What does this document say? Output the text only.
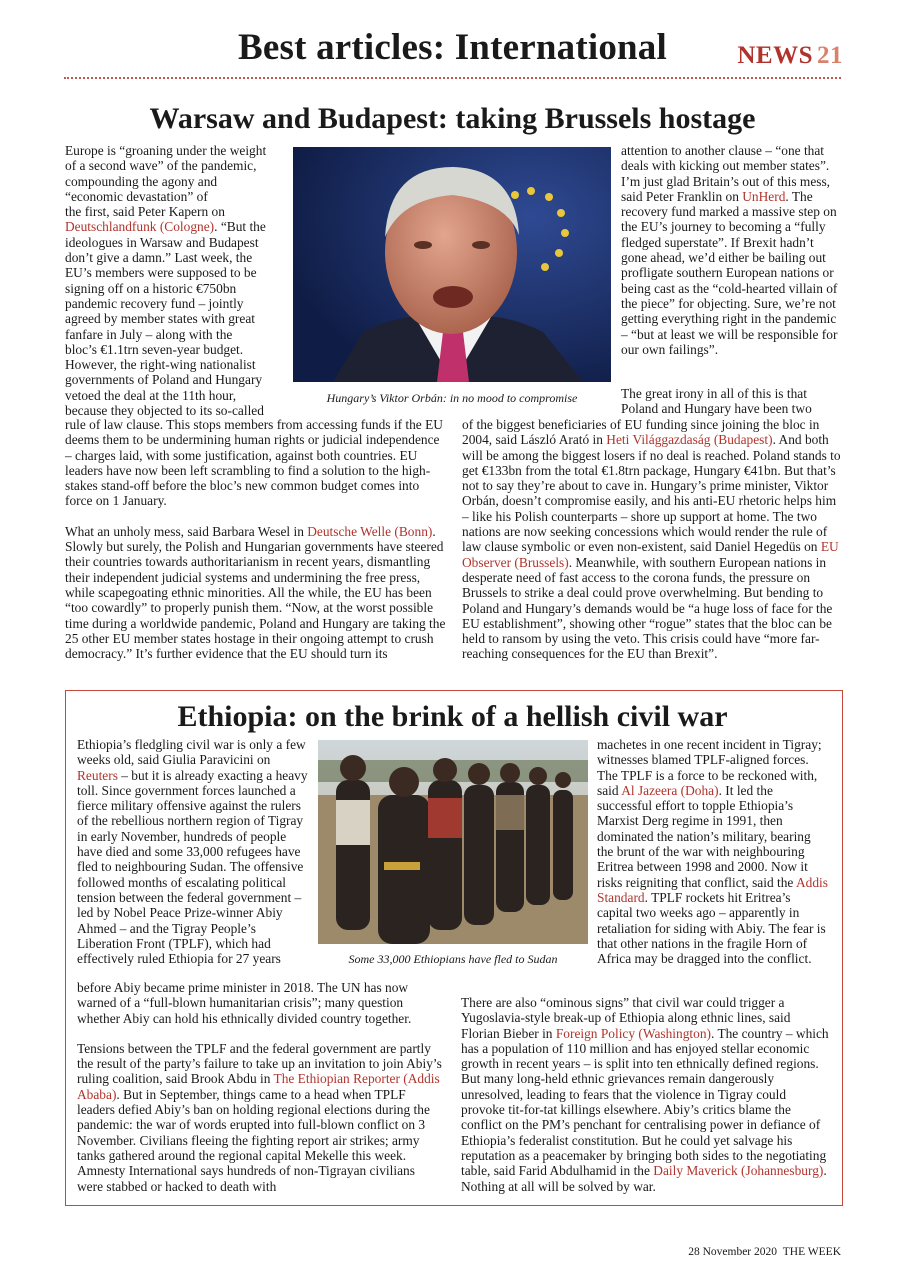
Best articles: International	NEWS 21
Warsaw and Budapest: taking Brussels hostage

Europe is “groaning under the weight
of a second wave” of the pandemic,
compounding the agony and
“economic devastation” of
the first, said Peter Kapern on
Deutschlandfunk (Cologne). “But the
ideologues in Warsaw and Budapest
don’t give a damn.” Last week, the
EU’s members were supposed to be
signing off on a historic €750bn
pandemic recovery fund – jointly
agreed by member states with great
fanfare in July – along with the
bloc’s €1.1trn seven-year budget.
However, the right-wing nationalist
governments of Poland and Hungary
vetoed the deal at the 11th hour,
because they objected to its so-called

Hungary’s Viktor Orbán: in no mood to compromise

attention to another clause – “one that deals with kicking out member states”. I’m just glad Britain’s out of this mess, said Peter Franklin on UnHerd. The recovery fund marked a massive step on the EU’s journey to becoming a “fully fledged superstate”. If Brexit hadn’t gone ahead, we’d either be bailing out profligate southern European nations or being cast as the “cold-hearted villain of the piece” for objecting. Sure, we’re not getting everything right in the pandemic – “but at least we will be responsible for our own failings”.

The great irony in all of this is that Poland and Hungary have been two

rule of law clause. This stops members from accessing funds if the EU deems them to be undermining human rights or judicial independence – charges laid, with some justification, against both countries. EU leaders have now been left scrambling to find a solution to the high-stakes stand-off before the bloc’s new common budget comes into force on 1 January.

What an unholy mess, said Barbara Wesel in Deutsche Welle (Bonn). Slowly but surely, the Polish and Hungarian governments have steered their countries towards authoritarianism in recent years, dismantling their independent judicial systems and undermining the free press, while scapegoating ethnic minorities. All the while, the EU has been “too cowardly” to properly punish them. “Now, at the worst possible time during a worldwide pandemic, Poland and Hungary are taking the 25 other EU member states hostage in their ongoing attempt to crush democracy.” It’s further evidence that the EU should turn its

of the biggest beneficiaries of EU funding since joining the bloc in 2004, said László Arató in Heti Világgazdaság (Budapest). And both will be among the biggest losers if no deal is reached. Poland stands to get €133bn from the total €1.8trn package, Hungary €41bn. But that’s not to say they’re about to cave in. Hungary’s prime minister, Viktor Orbán, doesn’t compromise easily, and his anti-EU rhetoric helps him – like his Polish counterparts – shore up support at home. The two nations are now seeking concessions which would render the rule of law clause symbolic or even non-existent, said Daniel Hegedüs on EU Observer (Brussels). Meanwhile, with southern European nations in desperate need of fast access to the corona funds, the pressure on Brussels to strike a deal could prove overwhelming. But bending to Poland and Hungary’s demands would be “a huge loss of face for the EU establishment”, showing other “rogue” states that the bloc can be held to ransom by using the veto. This crisis could have “more far-reaching consequences for the EU than Brexit”.

Ethiopia: on the brink of a hellish civil war

Ethiopia’s fledgling civil war is only a few weeks old, said Giulia Paravicini on Reuters – but it is already exacting a heavy toll. Since government forces launched a fierce military offensive against the rulers of the rebellious northern region of Tigray in early November, hundreds of people have died and some 33,000 refugees have fled to neighbouring Sudan. The offensive followed months of escalating political tension between the federal government – led by Nobel Peace Prize-winner Abiy Ahmed – and the Tigray People’s Liberation Front (TPLF), which had effectively ruled Ethiopia for 27 years	Some 33,000 Ethiopians have fled to Sudan

machetes in one recent incident in Tigray; witnesses blamed TPLF-aligned forces. The TPLF is a force to be reckoned with, said Al Jazeera (Doha). It led the successful effort to topple Ethiopia’s Marxist Derg regime in 1991, then dominated the nation’s military, bearing the brunt of the war with neighbouring Eritrea between 1998 and 2000. Now it risks reigniting that conflict, said the Addis Standard. TPLF rockets hit Eritrea’s capital two weeks ago – apparently in retaliation for siding with Abiy. The fear is that other nations in the fragile Horn of Africa may be dragged into the conflict.

before Abiy became prime minister in 2018. The UN has now warned of a “full-blown humanitarian crisis”; many question whether Abiy can hold his ethnically divided country together.

Tensions between the TPLF and the federal government are partly the result of the party’s failure to take up an invitation to join Abiy’s ruling coalition, said Brook Abdu in The Ethiopian Reporter (Addis Ababa). But in September, things came to a head when TPLF leaders defied Abiy’s ban on holding regional elections during the pandemic: the war of words erupted into full-blown conflict on 3 November. Civilians fleeing the fighting report air strikes; army tanks gathered around the regional capital Mekelle this week. Amnesty International says hundreds of non-Tigrayan civilians were stabbed or hacked to death with

There are also “ominous signs” that civil war could trigger a Yugoslavia-style break-up of Ethiopia along ethnic lines, said Florian Bieber in Foreign Policy (Washington). The country – which has a population of 110 million and has enjoyed stellar economic growth in recent years – is split into ten ethnically defined regions. But many long-held ethnic grievances remain dangerously unresolved, leading to fears that the violence in Tigray could provoke tit-for-tat killings elsewhere. Abiy’s critics blame the conflict on the PM’s penchant for centralising power in defiance of Ethiopia’s federalist constitution. But he could yet salvage his reputation as a peacemaker by bringing both sides to the negotiating table, said Farid Abdulhamid in the Daily Maverick (Johannesburg). Nothing at all will be solved by war.

28 November 2020 THE WEEK
